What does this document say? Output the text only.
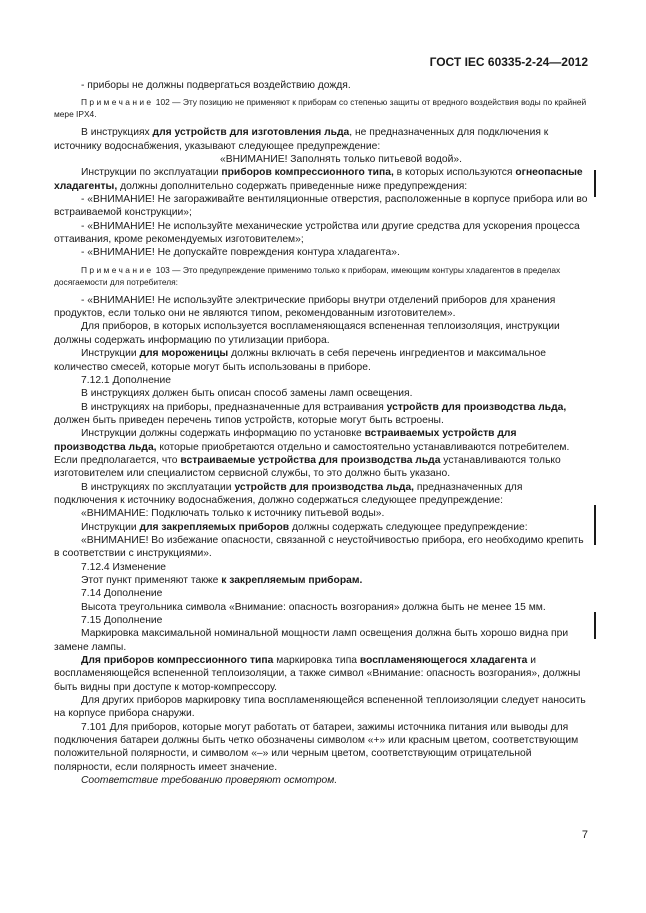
ГОСТ IEC 60335-2-24—2012

- приборы не должны подвергаться воздействию дождя.

Примечание 102 — Эту позицию не применяют к приборам со степенью защиты от вредного воздействия воды по крайней мере IPX4.

В инструкциях для устройств для изготовления льда, не предназначенных для подключения к источнику водоснабжения, указывают следующее предупреждение:

«ВНИМАНИЕ! Заполнять только питьевой водой».

Инструкции по эксплуатации приборов компрессионного типа, в которых используются огнеопасные хладагенты, должны дополнительно содержать приведенные ниже предупреждения:

- «ВНИМАНИЕ! Не загораживайте вентиляционные отверстия, расположенные в корпусе прибора или во встраиваемой конструкции»;

- «ВНИМАНИЕ! Не используйте механические устройства или другие средства для ускорения процесса оттаивания, кроме рекомендуемых изготовителем»;

- «ВНИМАНИЕ! Не допускайте повреждения контура хладагента».

Примечание 103 — Это предупреждение применимо только к приборам, имеющим контуры хладагентов в пределах досягаемости для потребителя:

- «ВНИМАНИЕ! Не используйте электрические приборы внутри отделений приборов для хранения продуктов, если только они не являются типом, рекомендованным изготовителем».

Для приборов, в которых используется воспламеняющаяся вспененная теплоизоляция, инструкции должны содержать информацию по утилизации прибора.

Инструкции для мороженицы должны включать в себя перечень ингредиентов и максимальное количество смесей, которые могут быть использованы в приборе.

7.12.1 Дополнение

В инструкциях должен быть описан способ замены ламп освещения.

В инструкциях на приборы, предназначенные для встраивания устройств для производства льда, должен быть приведен перечень типов устройств, которые могут быть встроены.

Инструкции должны содержать информацию по установке встраиваемых устройств для производства льда, которые приобретаются отдельно и самостоятельно устанавливаются потребителем. Если предполагается, что встраиваемые устройства для производства льда устанавливаются только изготовителем или специалистом сервисной службы, то это должно быть указано.

В инструкциях по эксплуатации устройств для производства льда, предназначенных для подключения к источнику водоснабжения, должно содержаться следующее предупреждение:

«ВНИМАНИЕ: Подключать только к источнику питьевой воды».

Инструкции для закрепляемых приборов должны содержать следующее предупреждение:

«ВНИМАНИЕ! Во избежание опасности, связанной с неустойчивостью прибора, его необходимо крепить в соответствии с инструкциями».

7.12.4 Изменение

Этот пункт применяют также к закрепляемым приборам.

7.14 Дополнение

Высота треугольника символа «Внимание: опасность возгорания» должна быть не менее 15 мм.

7.15 Дополнение

Маркировка максимальной номинальной мощности ламп освещения должна быть хорошо видна при замене лампы.

Для приборов компрессионного типа маркировка типа воспламеняющегося хладагента и воспламеняющейся вспененной теплоизоляции, а также символ «Внимание: опасность возгорания», должны быть видны при доступе к мотор-компрессору.

Для других приборов маркировку типа воспламеняющейся вспененной теплоизоляции следует наносить на корпусе прибора снаружи.

7.101 Для приборов, которые могут работать от батареи, зажимы источника питания или выводы для подключения батареи должны быть четко обозначены символом «+» или красным цветом, соответствующим положительной полярности, и символом «–» или черным цветом, соответствующим отрицательной полярности, если полярность имеет значение.

Соответствие требованию проверяют осмотром.

7
